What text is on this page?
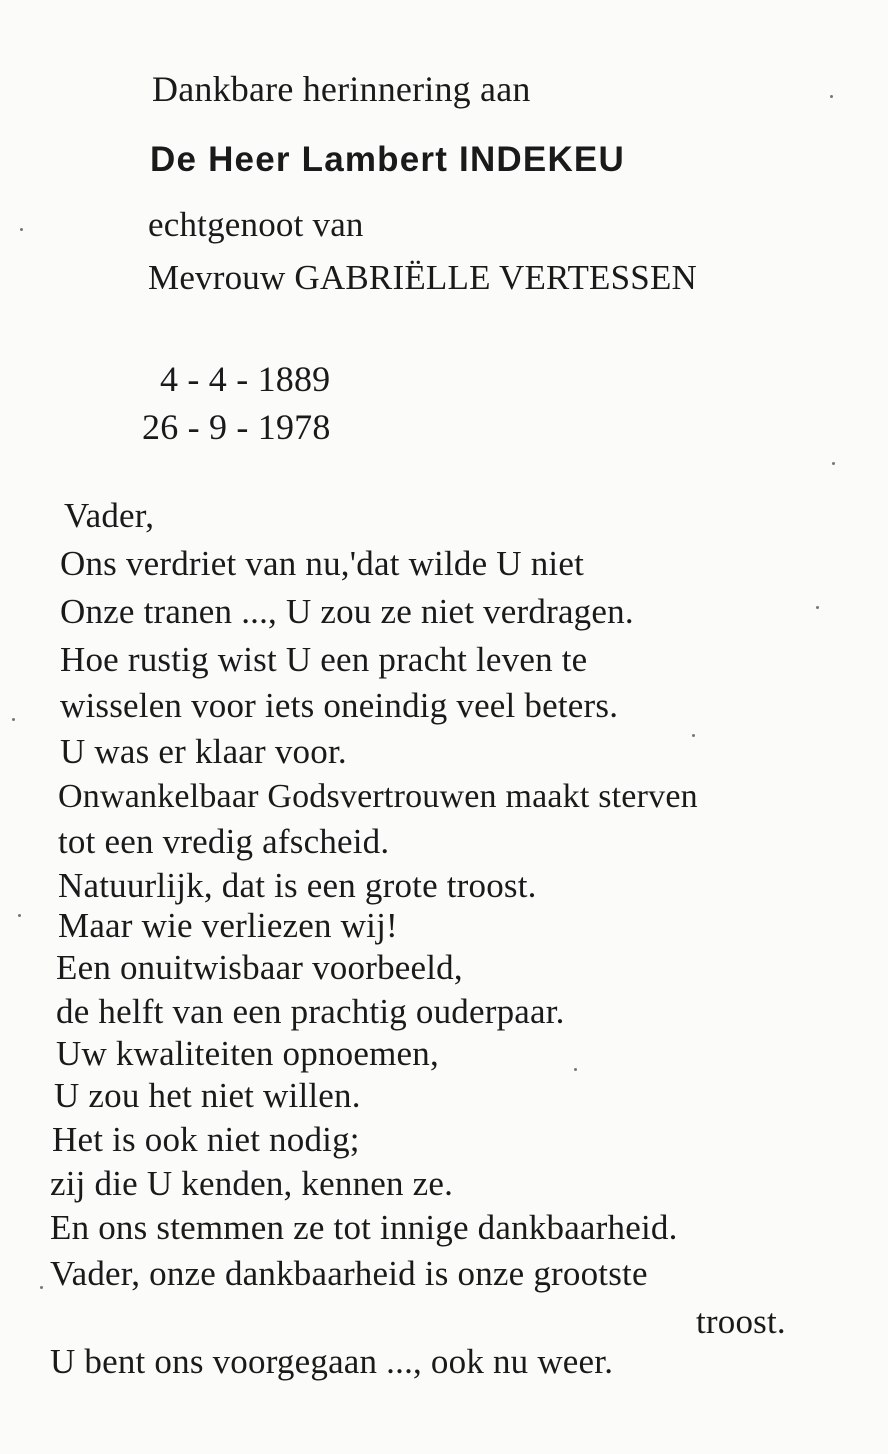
Dankbare herinnering aan
De Heer Lambert INDEKEU
echtgenoot van
Mevrouw GABRIËLLE VERTESSEN
4 - 4 - 1889
26 - 9 - 1978
Vader,
Ons verdriet van nu,'dat wilde U niet
Onze tranen ..., U zou ze niet verdragen.
Hoe rustig wist U een pracht leven te
wisselen voor iets oneindig veel beters.
U was er klaar voor.
Onwankelbaar Godsvertrouwen maakt sterven
tot een vredig afscheid.
Natuurlijk, dat is een grote troost.
Maar wie verliezen wij!
Een onuitwisbaar voorbeeld,
de helft van een prachtig ouderpaar.
Uw kwaliteiten opnoemen,
U zou het niet willen.
Het is ook niet nodig;
zij die U kenden, kennen ze.
En ons stemmen ze tot innige dankbaarheid.
Vader, onze dankbaarheid is onze grootste
troost.
U bent ons voorgegaan ..., ook nu weer.
